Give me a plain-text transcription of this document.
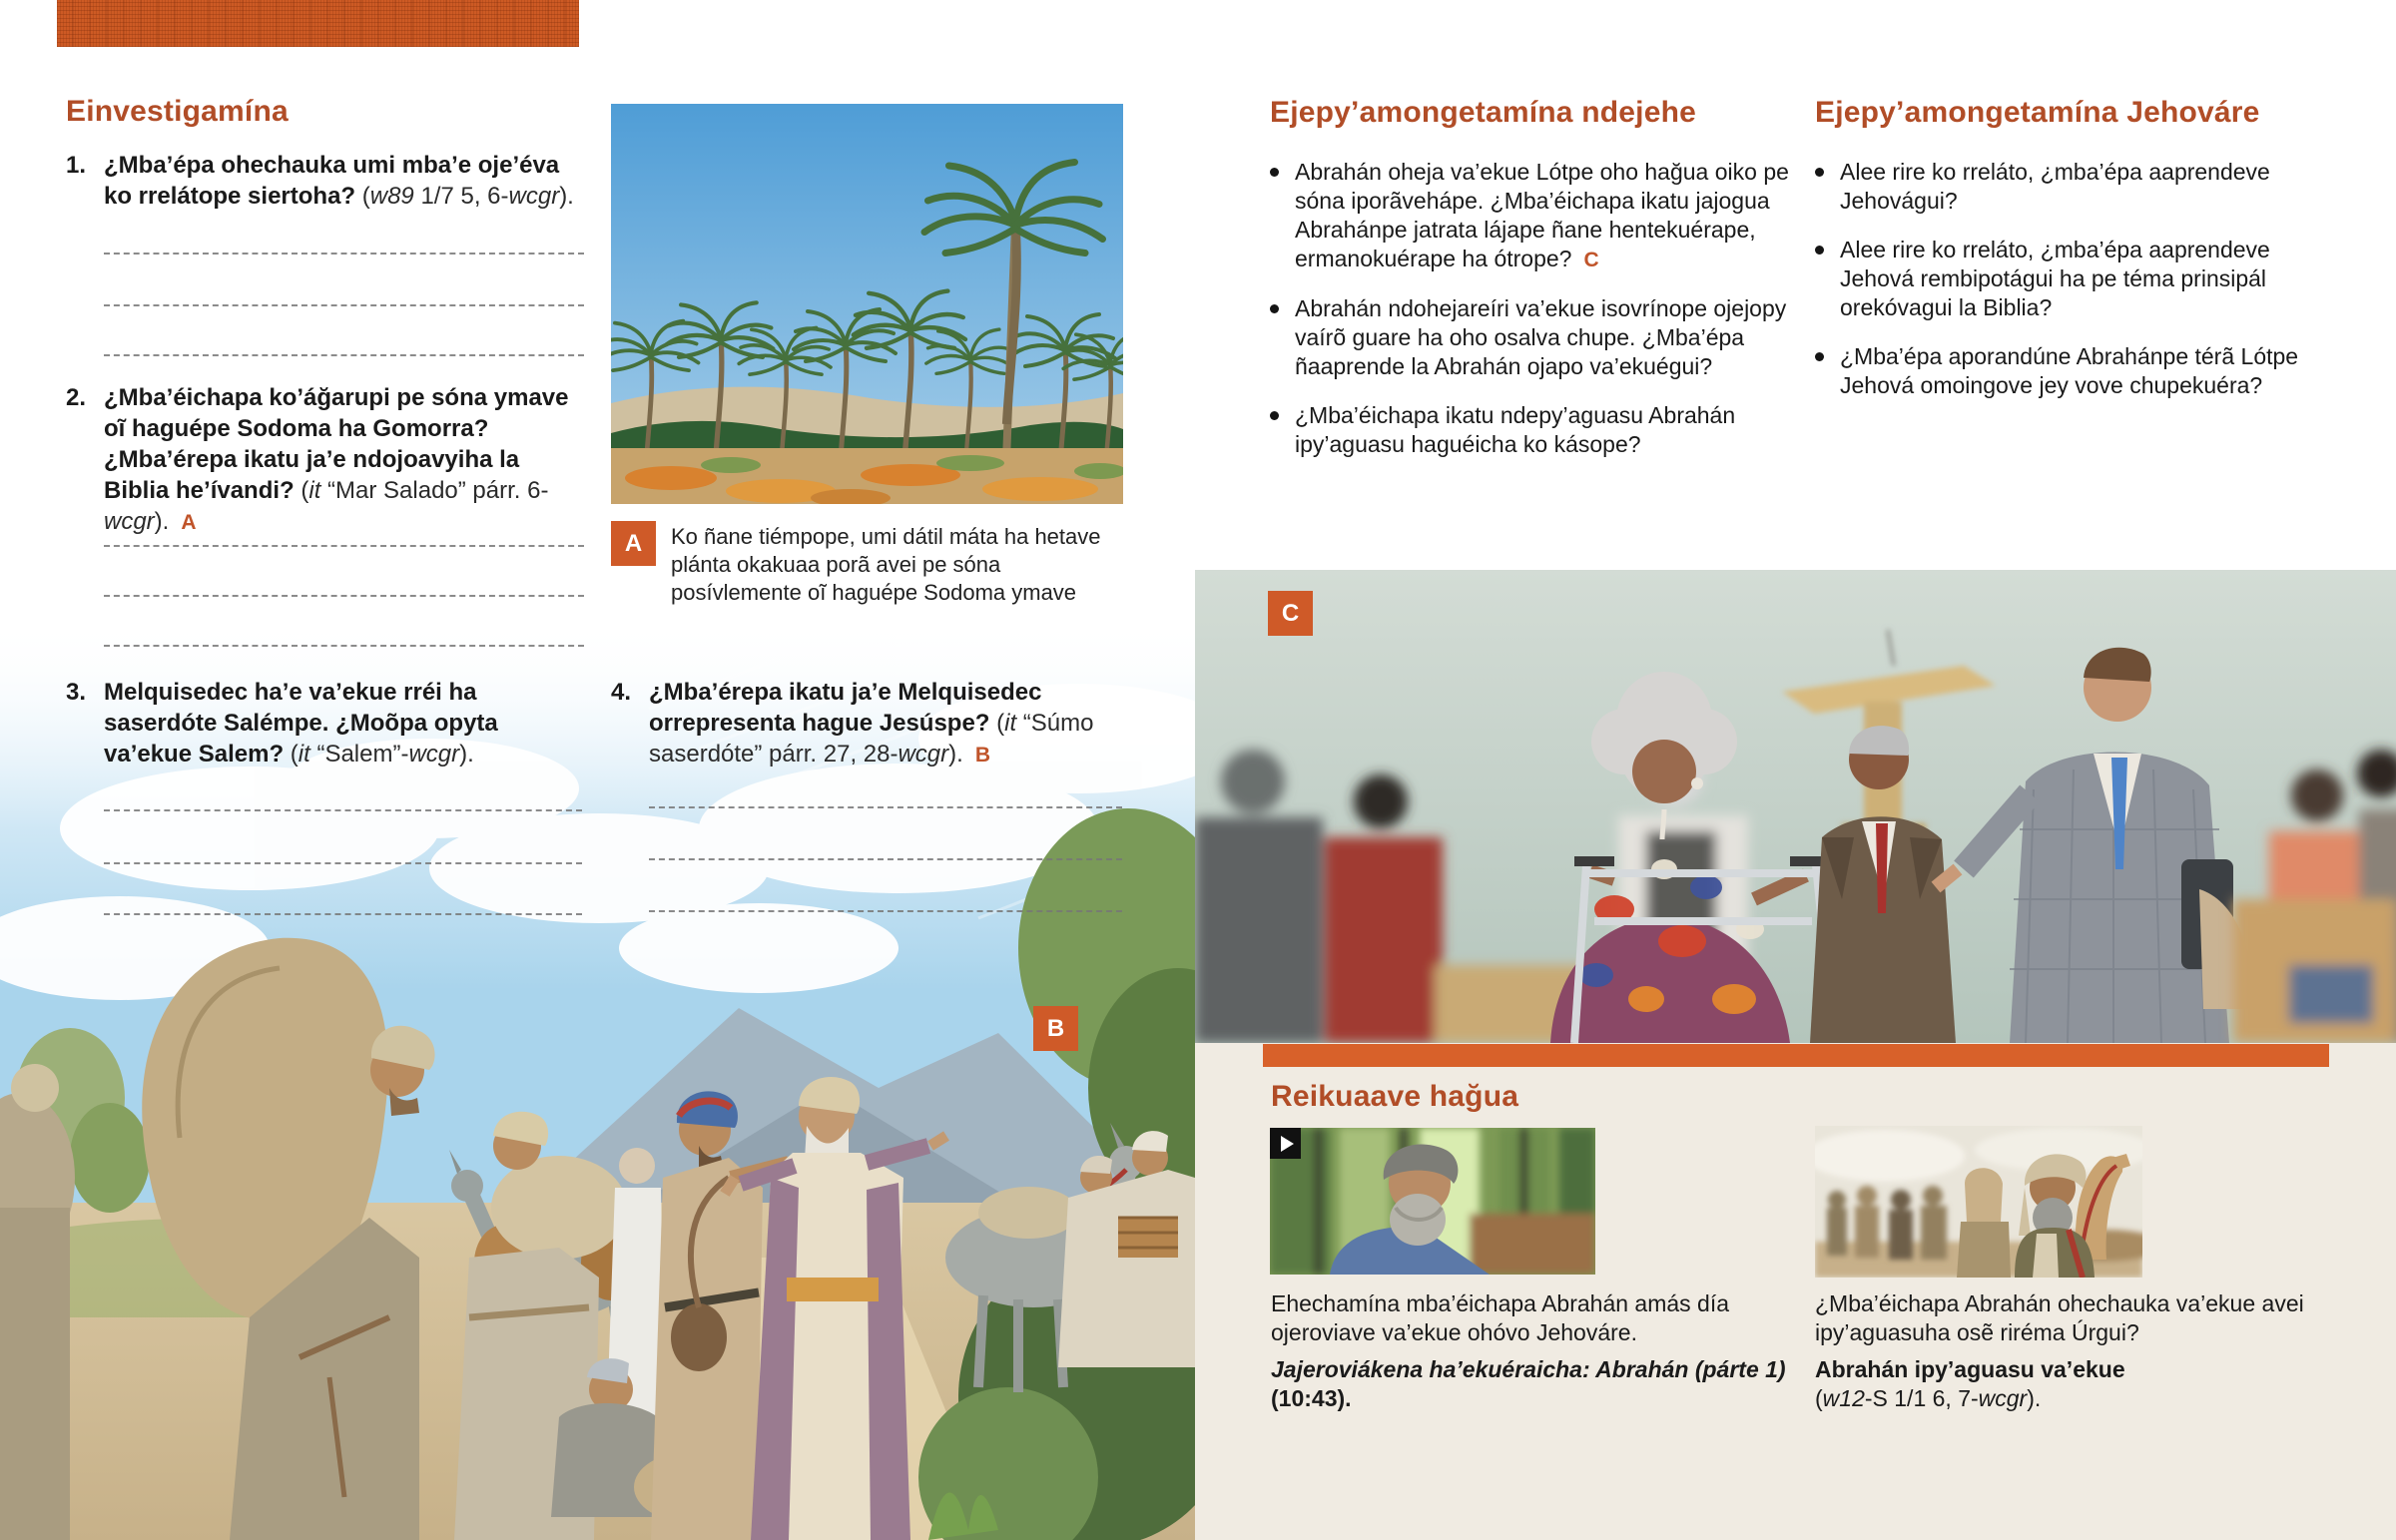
B
Einvestigamína
1. ¿Mba’épa ohechauka umi mba’e oje’éva ko rrelátope siertoha? (w89 1/7 5, 6-wcgr).
2. ¿Mba’éichapa ko’áğarupi pe sóna ymave oĩ haguépe Sodoma ha Gomorra? ¿Mba’érepa ikatu ja’e ndojoavyiha la Biblia he’ívandi? (it “Mar Salado” párr. 6-wcgr). A
3. Melquisedec ha’e va’ekue rréi ha saserdóte Salémpe. ¿Moõpa opyta va’ekue Salem? (it “Salem”-wcgr).
A	Ko ñane tiémpope, umi dátil máta ha hetave plánta okakuaa porã avei pe sóna posívlemente oĩ haguépe Sodoma ymave
4. ¿Mba’érepa ikatu ja’e Melquisedec orrepresenta hague Jesúspe? (it “Súmo saserdóte” párr. 27, 28-wcgr). B
Ejepy’amongetamína ndejehe
Abrahán oheja va’ekue Lótpe oho hağua oiko pe sóna iporãvehápe. ¿Mba’éichapa ikatu jajogua Abrahánpe jatrata lájape ñane hentekuérape, ermanokuérape ha ótrope? C
Abrahán ndohejareíri va’ekue isovrínope ojejopy vaírõ guare ha oho osalva chupe. ¿Mba’épa ñaaprende la Abrahán ojapo va’ekuégui?
¿Mba’éichapa ikatu ndepy’aguasu Abrahán ipy’aguasu haguéicha ko kásope?
Ejepy’amongetamína Jehováre
Alee rire ko rreláto, ¿mba’épa aaprendeve Jehovágui?
Alee rire ko rreláto, ¿mba’épa aaprendeve Jehová rembipotágui ha pe téma prinsipál orekóvagui la Biblia?
¿Mba’épa aporandúne Abrahánpe térã Lótpe Jehová omoingove jey vove chupekuéra?
C
Reikuaave hağua
Ehechamína mba’éichapa Abrahán amás día ojeroviave va’ekue ohóvo Jehováre.
Jajeroviákena ha’ekuéraicha: Abrahán (párte 1)
(10:43).
¿Mba’éichapa Abrahán ohechauka va’ekue avei ipy’aguasuha osẽ riréma Úrgui?
Abrahán ipy’aguasu va’ekue
(w12-S 1/1 6, 7-wcgr).
